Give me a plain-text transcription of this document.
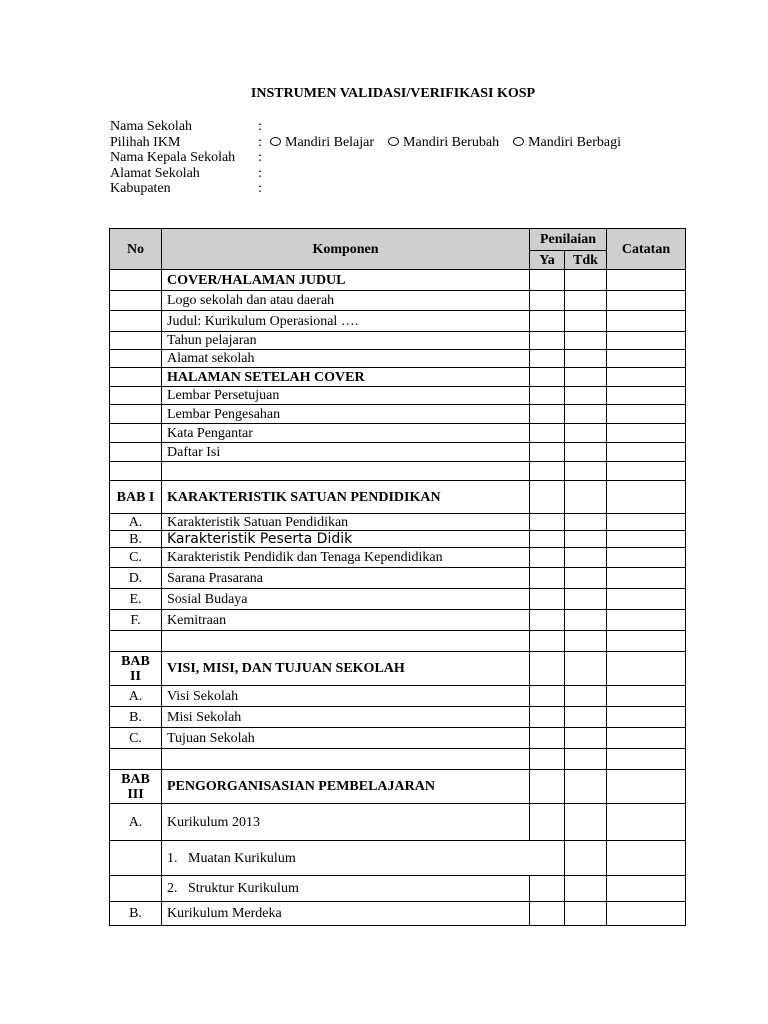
INSTRUMEN VALIDASI/VERIFIKASI KOSP
Nama Sekolah	:
Pilihah IKM	: Mandiri Belajar Mandiri Berubah Mandiri Berbagi
Nama Kepala Sekolah :
Alamat Sekolah	:
Kabupaten	:
No	Komponen	Penilaian		Catatan
		Ya	Tdk	
	COVER/HALAMAN JUDUL			
	Logo sekolah dan atau daerah			
	Judul: Kurikulum Operasional ….			
	Tahun pelajaran			
	Alamat sekolah			
	HALAMAN SETELAH COVER			
	Lembar Persetujuan			
	Lembar Pengesahan			
	Kata Pengantar			
	Daftar Isi			

BAB I	KARAKTERISTIK SATUAN PENDIDIKAN			
A.	Karakteristik Satuan Pendidikan			
B.	Karakteristik Peserta Didik			
C.	Karakteristik Pendidik dan Tenaga Kependidikan			
D.	Sarana Prasarana			
E.	Sosial Budaya			
F.	Kemitraan			

BAB II	VISI, MISI, DAN TUJUAN SEKOLAH			
A.	Visi Sekolah			
B.	Misi Sekolah			
C.	Tujuan Sekolah			

BAB III	PENGORGANISASIAN PEMBELAJARAN			
A.	Kurikulum 2013			
	1.   Muatan Kurikulum			
	2.   Struktur Kurikulum			
B.	Kurikulum Merdeka			
